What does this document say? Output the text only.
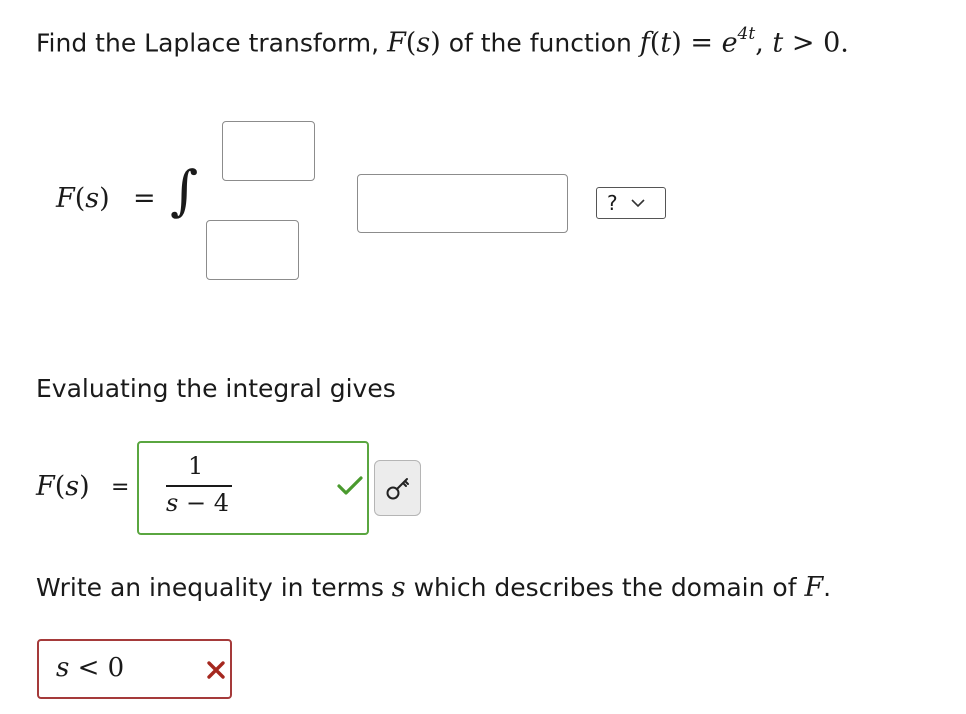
Find the Laplace transform, F(s) of the function $f(t) = e^{4t}$, t > 0.
F(s) = ∫	?
Evaluating the integral gives
F(s) =
1
s − 4
Write an inequality in terms s which describes the domain of F.
s < 0
